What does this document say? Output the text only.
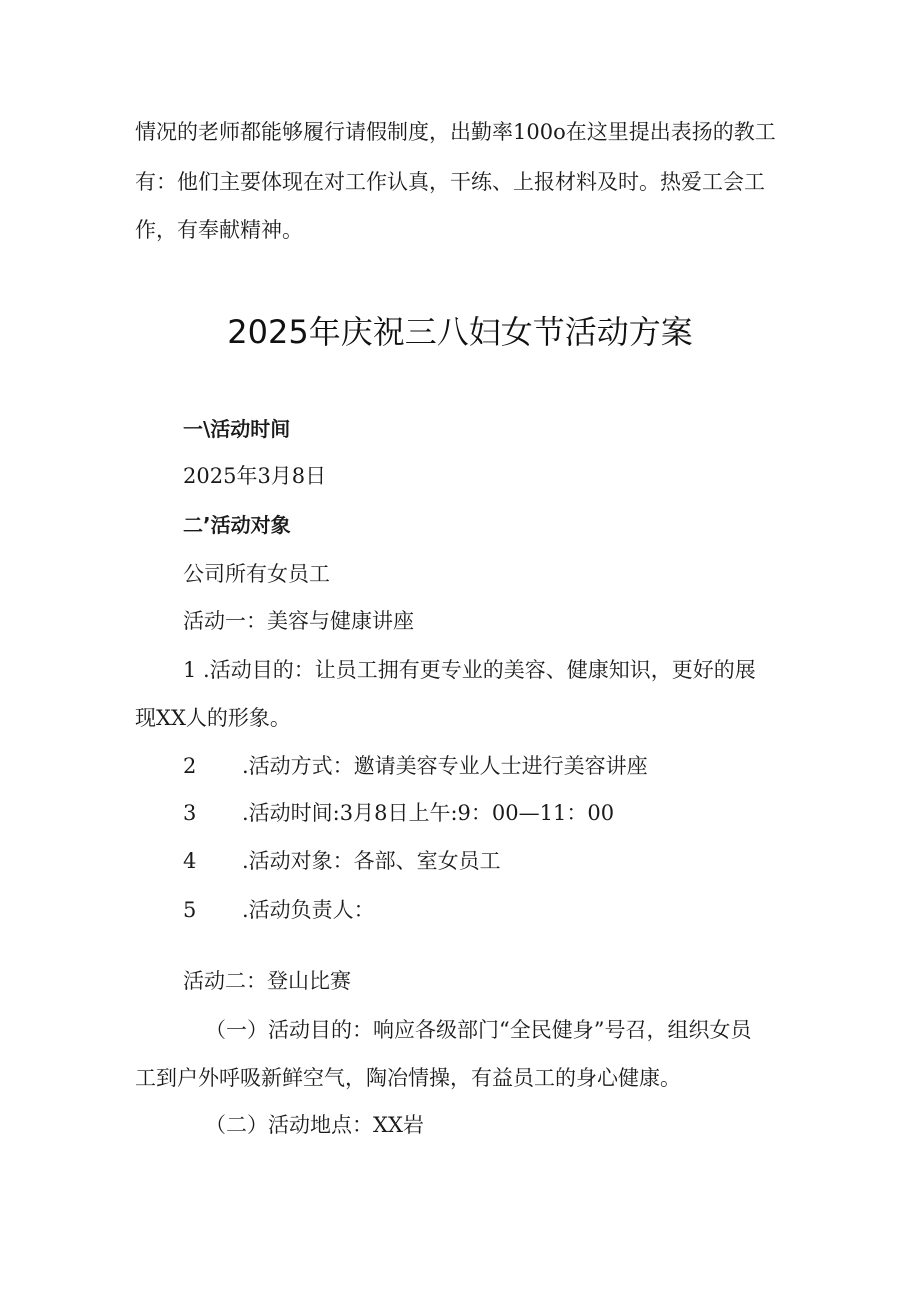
情况的老师都能够履行请假制度，出勤率100o在这里提出表扬的教工
有：他们主要体现在对工作认真，干练、上报材料及时。热爱工会工
作，有奉献精神。
2025年庆祝三八妇女节活动方案
一\活动时间
2025年3月8日
二’活动对象
公司所有女员工
活动一：美容与健康讲座
1 .活动目的：让员工拥有更专业的美容、健康知识，更好的展
现XX人的形象。
2 .活动方式：邀请美容专业人士进行美容讲座
3 .活动时间:3月8日上午:9：00—11：00
4 .活动对象：各部、室女员工
5 .活动负责人：
活动二：登山比赛
（一）活动目的：响应各级部门“全民健身”号召，组织女员
工到户外呼吸新鲜空气，陶冶情操，有益员工的身心健康。
（二）活动地点：XX岩
